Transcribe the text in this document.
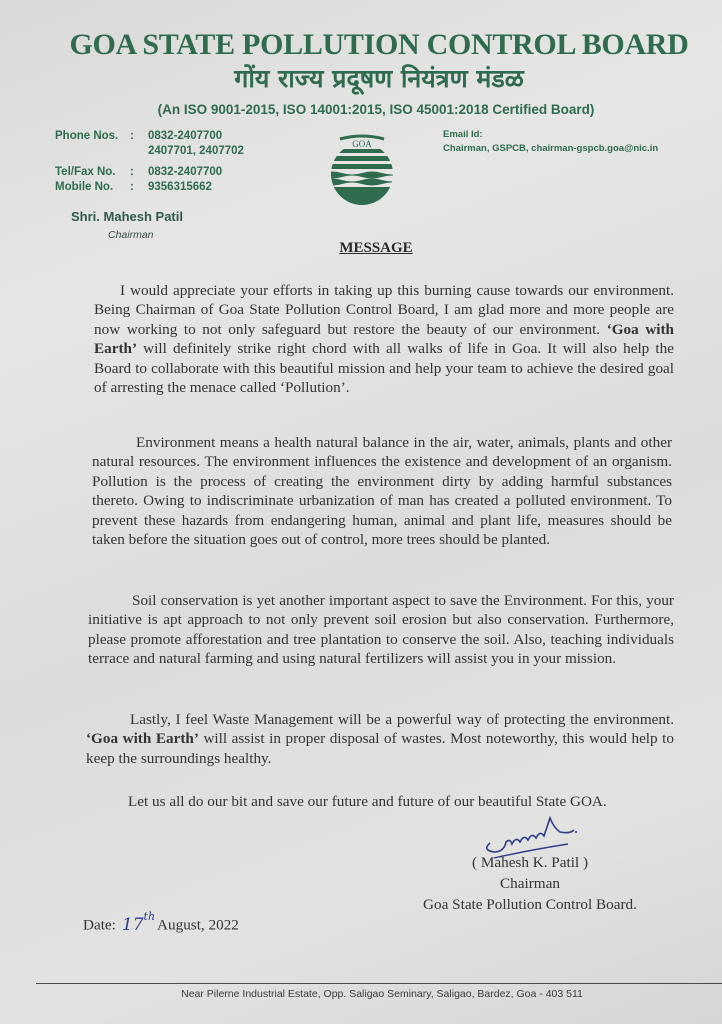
GOA STATE POLLUTION CONTROL BOARD
गोंय राज्य प्रदूषण नियंत्रण मंडळ
(An ISO 9001-2015, ISO 14001:2015, ISO 45001:2018 Certified Board)
Phone Nos.	:	0832-2407700
2407701, 2407702
Tel/Fax No.	:	0832-2407700
Mobile No.	:	9356315662
Shri. Mahesh Patil
Chairman
GOA
Email Id:
Chairman, GSPCB, chairman-gspcb.goa@nic.in
MESSAGE
I would appreciate your efforts in taking up this burning cause towards our environment. Being Chairman of Goa State Pollution Control Board, I am glad more and more people are now working to not only safeguard but restore the beauty of our environment. ‘Goa with Earth’ will definitely strike right chord with all walks of life in Goa. It will also help the Board to collaborate with this beautiful mission and help your team to achieve the desired goal of arresting the menace called ‘Pollution’.
Environment means a health natural balance in the air, water, animals, plants and other natural resources. The environment influences the existence and development of an organism. Pollution is the process of creating the environment dirty by adding harmful substances thereto. Owing to indiscriminate urbanization of man has created a polluted environment. To prevent these hazards from endangering human, animal and plant life, measures should be taken before the situation goes out of control, more trees should be planted.
Soil conservation is yet another important aspect to save the Environment. For this, your initiative is apt approach to not only prevent soil erosion but also conservation. Furthermore, please promote afforestation and tree plantation to conserve the soil. Also, teaching individuals terrace and natural farming and using natural fertilizers will assist you in your mission.
Lastly, I feel Waste Management will be a powerful way of protecting the environment. ‘Goa with Earth’ will assist in proper disposal of wastes. Most noteworthy, this would help to keep the surroundings healthy.
Let us all do our bit and save our future and future of our beautiful State GOA.
( Mahesh K. Patil )
Chairman
Goa State Pollution Control Board.
Date: 17thAugust, 2022
Near Pilerne Industrial Estate, Opp. Saligao Seminary, Saligao, Bardez, Goa - 403 511
